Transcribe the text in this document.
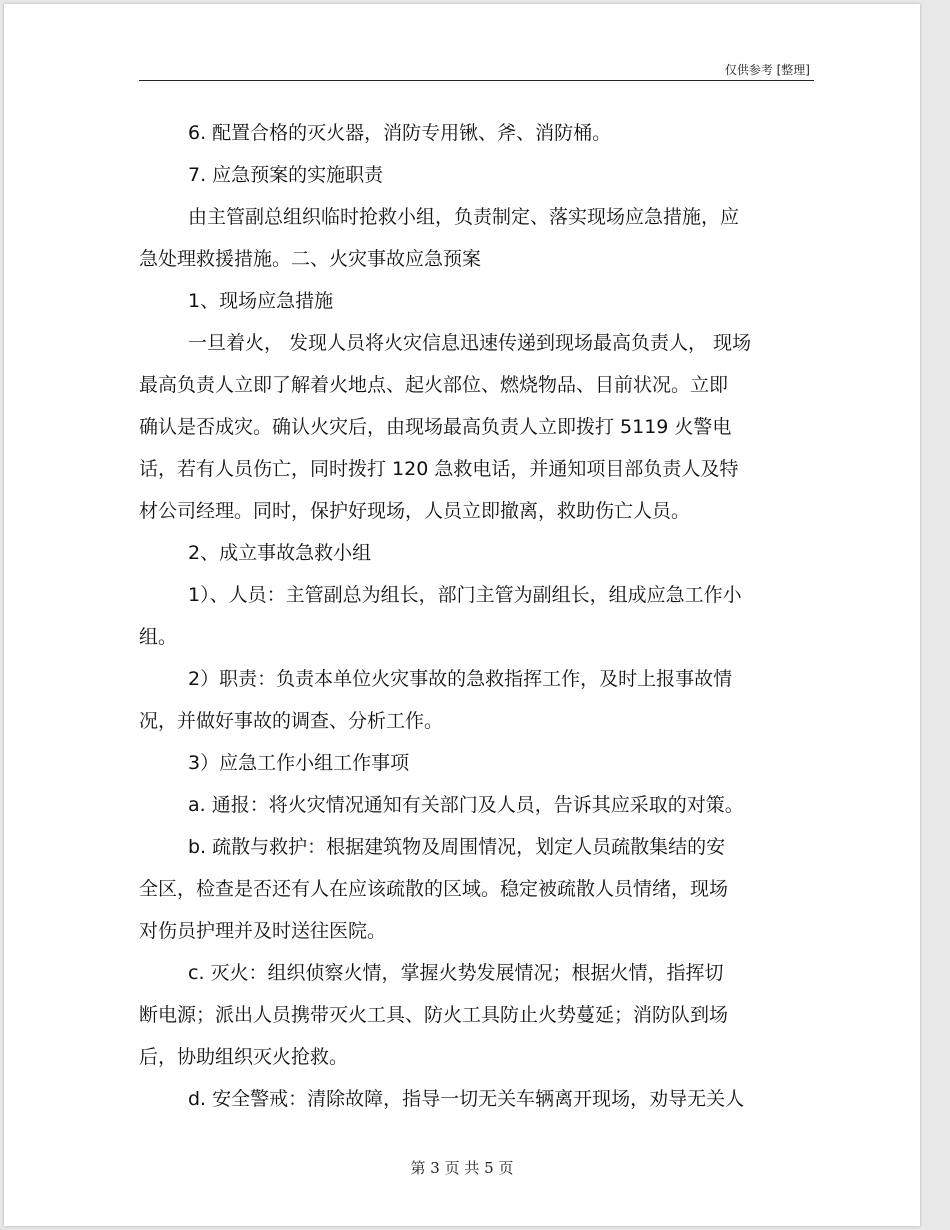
仅供参考 [整理]
6. 配置合格的灭火器，消防专用锹、斧、消防桶。
7. 应急预案的实施职责
由主管副总组织临时抢救小组，负责制定、落实现场应急措施，应
急处理救援措施。二、火灾事故应急预案
1、现场应急措施
一旦着火， 发现人员将火灾信息迅速传递到现场最高负责人， 现场
最高负责人立即了解着火地点、起火部位、燃烧物品、目前状况。立即
确认是否成灾。确认火灾后，由现场最高负责人立即拨打 5119 火警电
话，若有人员伤亡，同时拨打 120 急救电话，并通知项目部负责人及特
材公司经理。同时，保护好现场，人员立即撤离，救助伤亡人员。
2、成立事故急救小组
1）、人员：主管副总为组长，部门主管为副组长，组成应急工作小
组。
2）职责：负责本单位火灾事故的急救指挥工作，及时上报事故情
况，并做好事故的调查、分析工作。
3）应急工作小组工作事项
a. 通报：将火灾情况通知有关部门及人员，告诉其应采取的对策。
b. 疏散与救护：根据建筑物及周围情况，划定人员疏散集结的安
全区，检查是否还有人在应该疏散的区域。稳定被疏散人员情绪，现场
对伤员护理并及时送往医院。
c. 灭火：组织侦察火情，掌握火势发展情况；根据火情，指挥切
断电源；派出人员携带灭火工具、防火工具防止火势蔓延；消防队到场
后，协助组织灭火抢救。
d. 安全警戒：清除故障，指导一切无关车辆离开现场，劝导无关人
第 3 页 共 5 页
